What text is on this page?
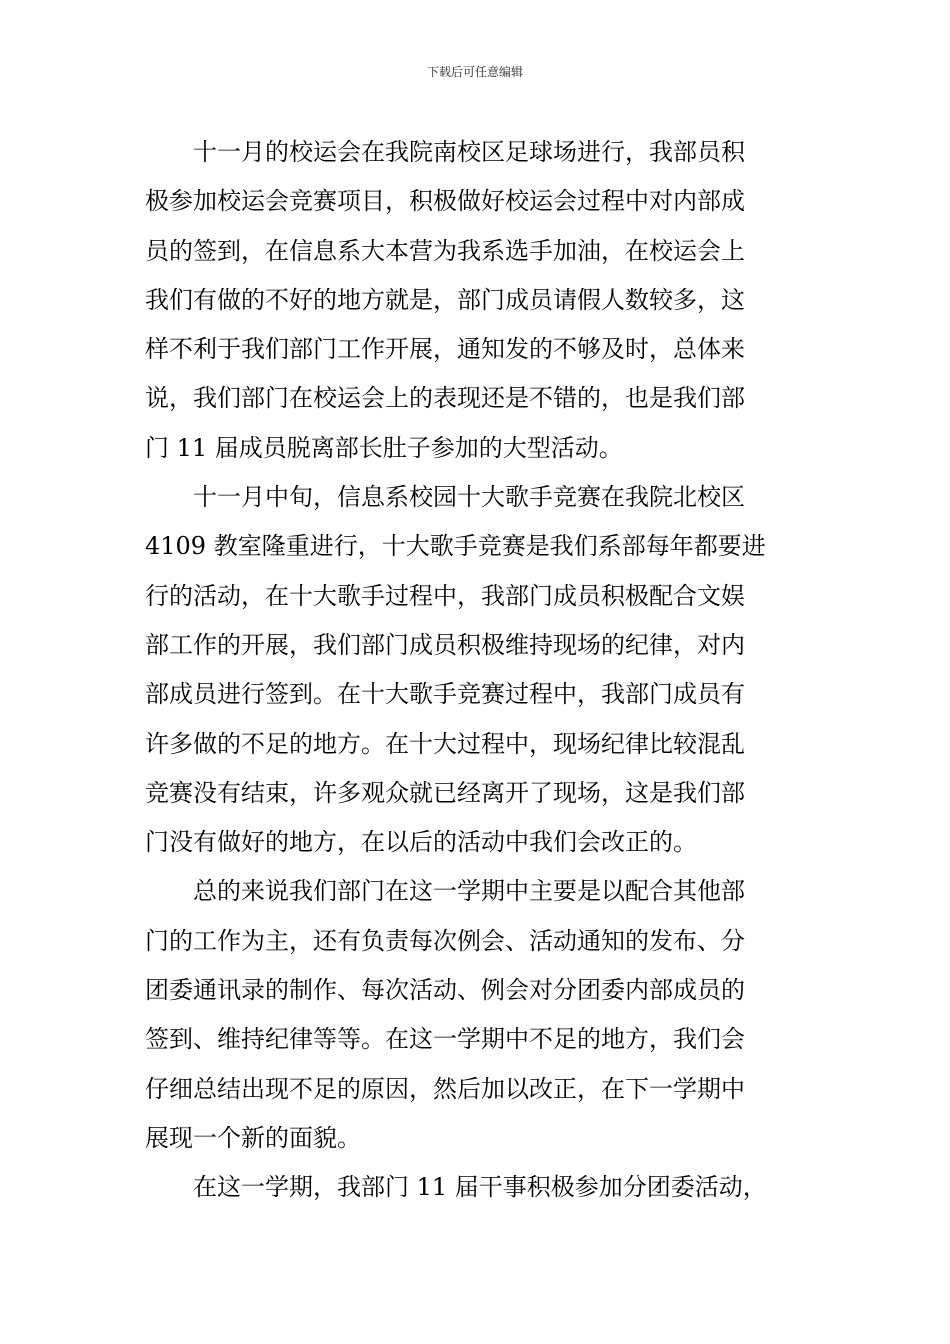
下载后可任意编辑
十一月的校运会在我院南校区足球场进行，我部员积
极参加校运会竞赛项目，积极做好校运会过程中对内部成
员的签到，在信息系大本营为我系选手加油，在校运会上
我们有做的不好的地方就是，部门成员请假人数较多，这
样不利于我们部门工作开展，通知发的不够及时，总体来
说，我们部门在校运会上的表现还是不错的，也是我们部
门 11 届成员脱离部长肚子参加的大型活动。
十一月中旬，信息系校园十大歌手竞赛在我院北校区
4109 教室隆重进行，十大歌手竞赛是我们系部每年都要进
行的活动，在十大歌手过程中，我部门成员积极配合文娱
部工作的开展，我们部门成员积极维持现场的纪律，对内
部成员进行签到。在十大歌手竞赛过程中，我部门成员有
许多做的不足的地方。在十大过程中，现场纪律比较混乱
竞赛没有结束，许多观众就已经离开了现场，这是我们部
门没有做好的地方，在以后的活动中我们会改正的。
总的来说我们部门在这一学期中主要是以配合其他部
门的工作为主，还有负责每次例会、活动通知的发布、分
团委通讯录的制作、每次活动、例会对分团委内部成员的
签到、维持纪律等等。在这一学期中不足的地方，我们会
仔细总结出现不足的原因，然后加以改正，在下一学期中
展现一个新的面貌。
在这一学期，我部门 11 届干事积极参加分团委活动，
